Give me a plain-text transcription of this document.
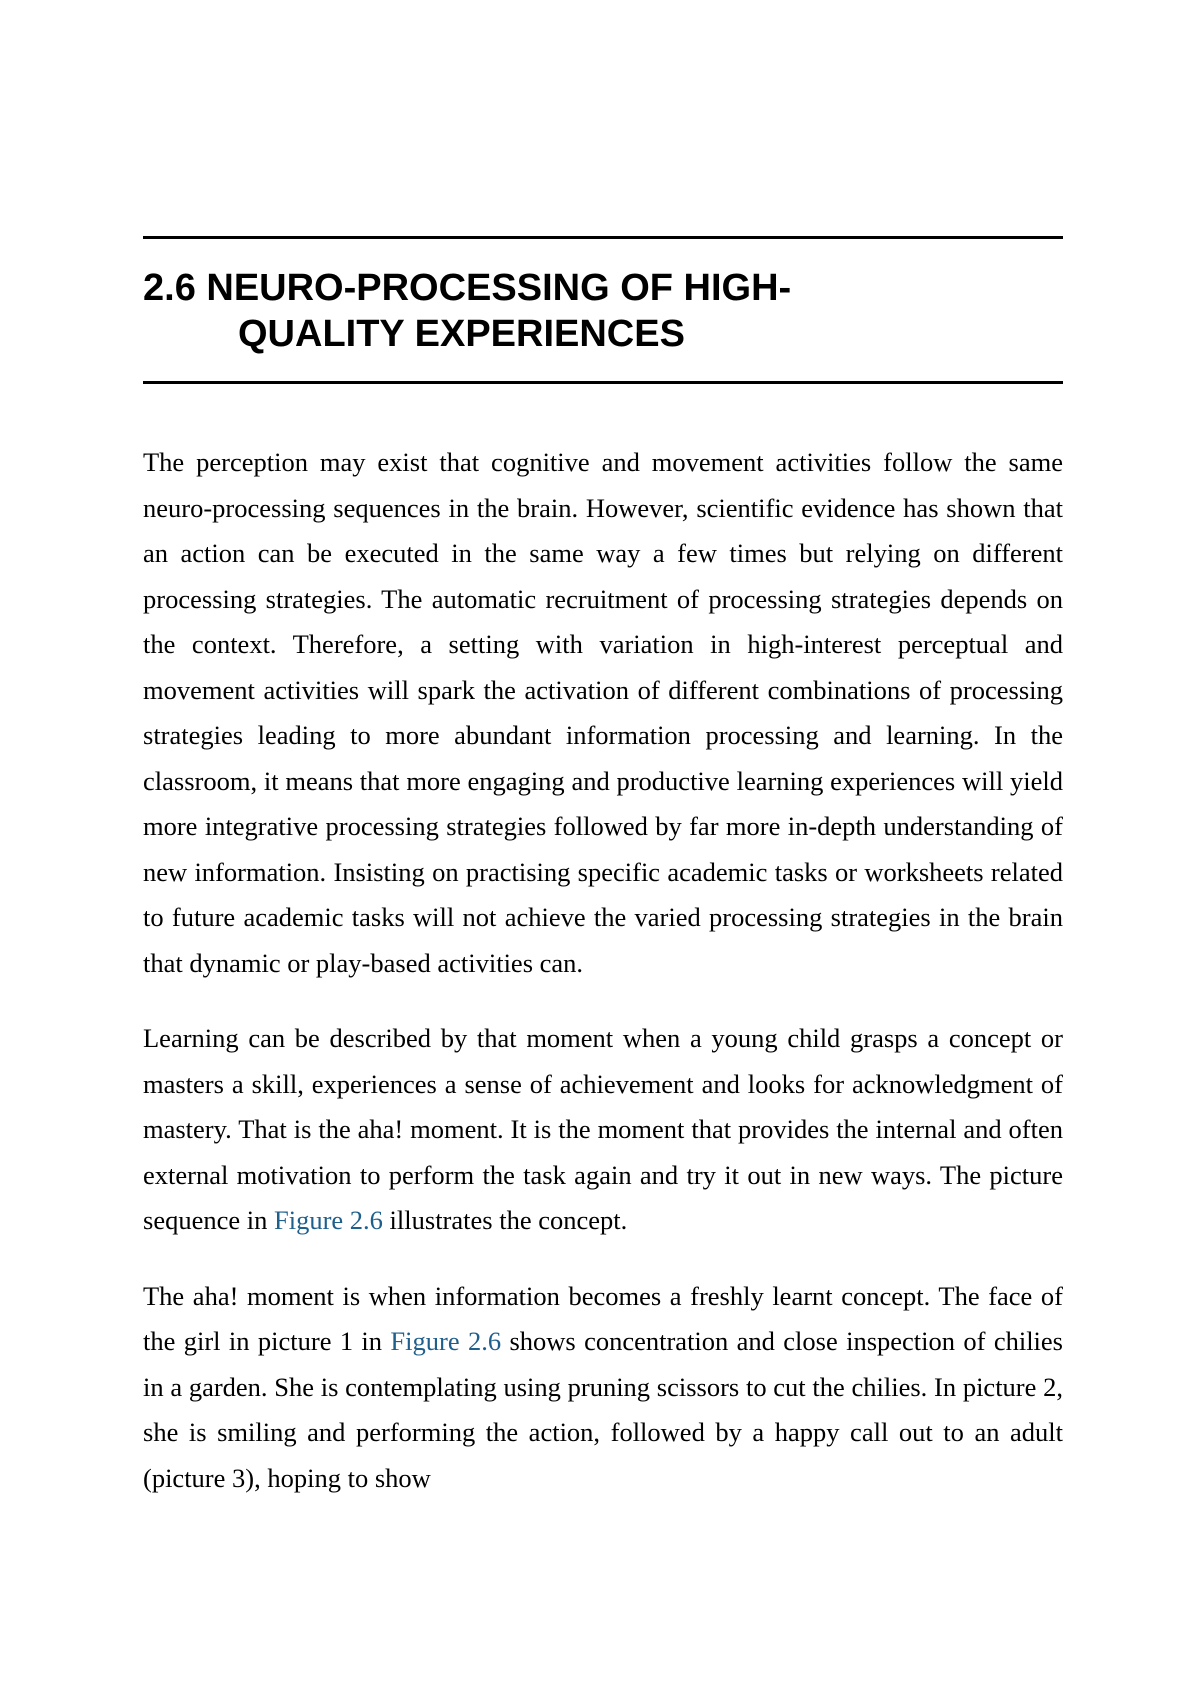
2.6 NEURO-PROCESSING OF HIGH-
QUALITY EXPERIENCES

The perception may exist that cognitive and movement activities follow the same neuro-processing sequences in the brain. However, scientific evidence has shown that an action can be executed in the same way a few times but relying on different processing strategies. The automatic recruitment of processing strategies depends on the context. Therefore, a setting with variation in high-interest perceptual and movement activities will spark the activation of different combinations of processing strategies leading to more abundant information processing and learning. In the classroom, it means that more engaging and productive learning experiences will yield more integrative processing strategies followed by far more in-depth understanding of new information. Insisting on practising specific academic tasks or worksheets related to future academic tasks will not achieve the varied processing strategies in the brain that dynamic or play-based activities can.

Learning can be described by that moment when a young child grasps a concept or masters a skill, experiences a sense of achievement and looks for acknowledgment of mastery. That is the aha! moment. It is the moment that provides the internal and often external motivation to perform the task again and try it out in new ways. The picture sequence in Figure 2.6 illustrates the concept.

The aha! moment is when information becomes a freshly learnt concept. The face of the girl in picture 1 in Figure 2.6 shows concentration and close inspection of chilies in a garden. She is contemplating using pruning scissors to cut the chilies. In picture 2, she is smiling and performing the action, followed by a happy call out to an adult (picture 3), hoping to show
